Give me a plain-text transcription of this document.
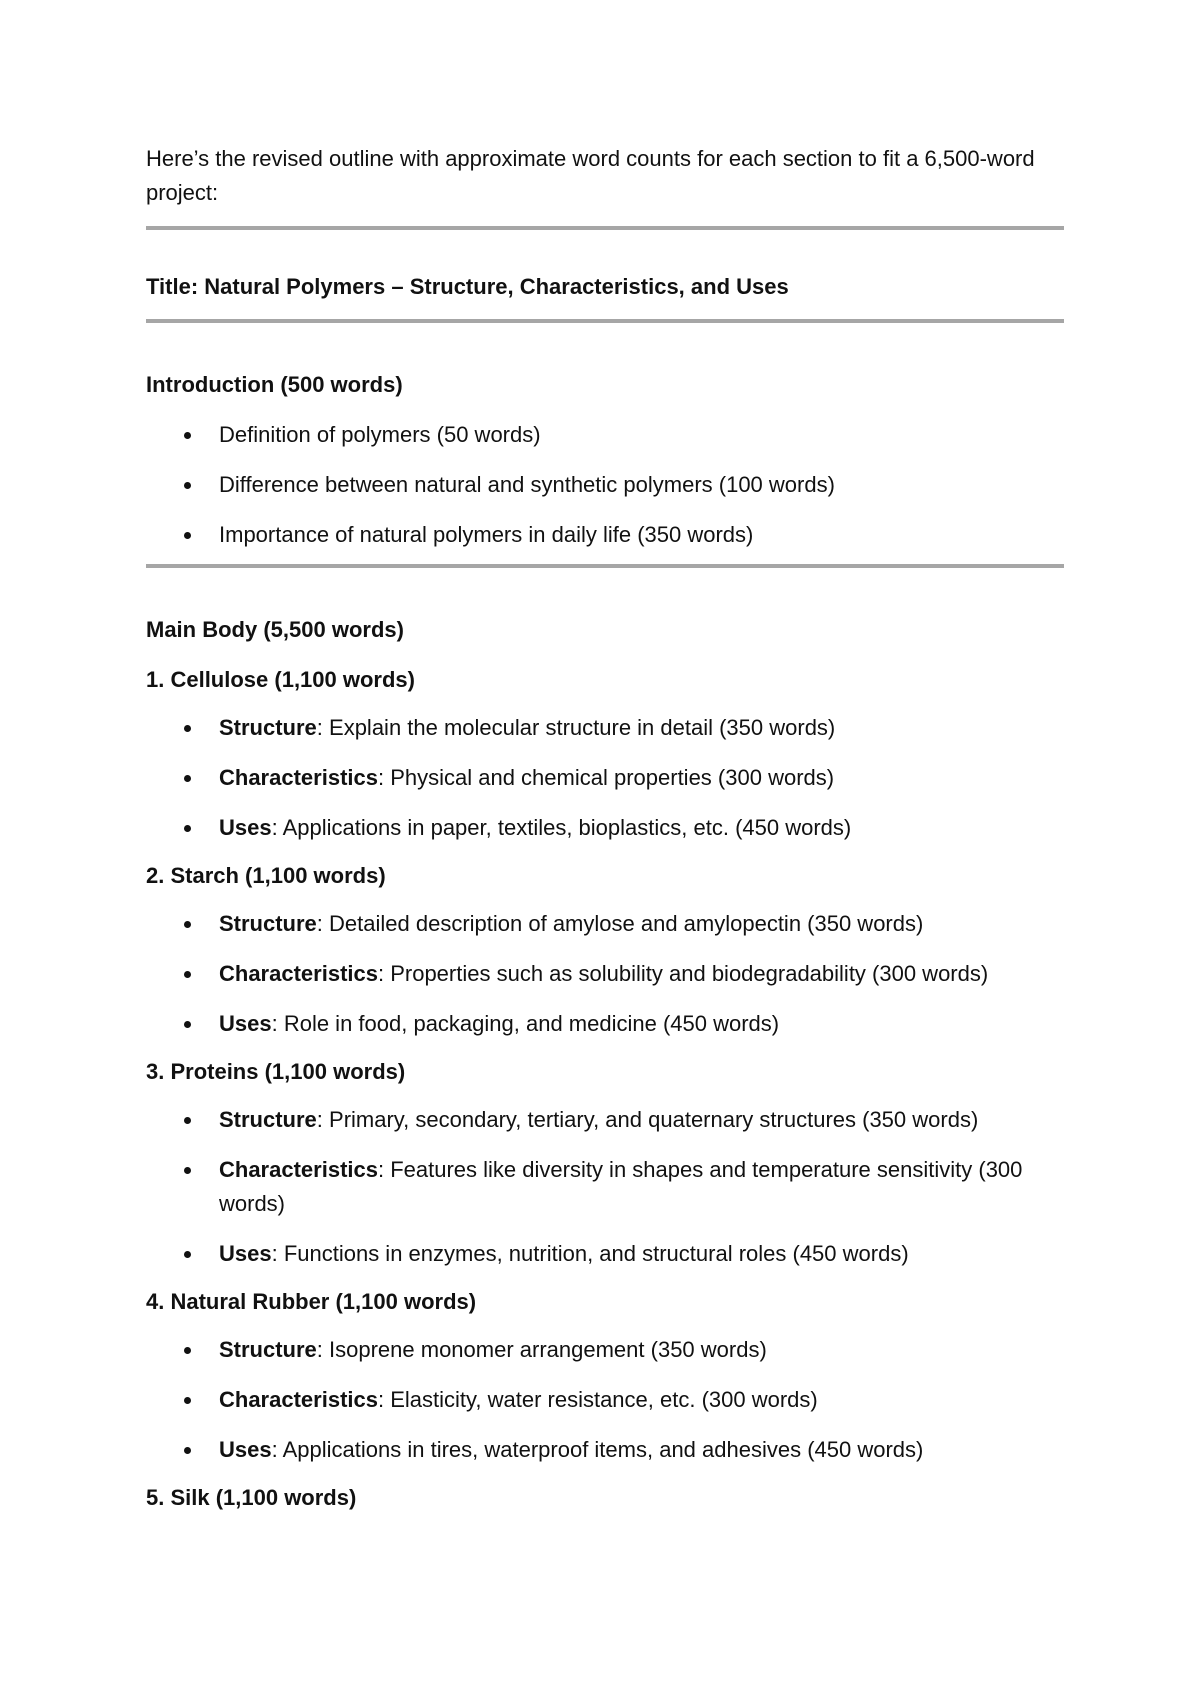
Here’s the revised outline with approximate word counts for each section to fit a 6,500-word project:

Title: Natural Polymers – Structure, Characteristics, and Uses

Introduction (500 words)

Definition of polymers (50 words)
Difference between natural and synthetic polymers (100 words)
Importance of natural polymers in daily life (350 words)

Main Body (5,500 words)

1. Cellulose (1,100 words)

Structure: Explain the molecular structure in detail (350 words)
Characteristics: Physical and chemical properties (300 words)
Uses: Applications in paper, textiles, bioplastics, etc. (450 words)

2. Starch (1,100 words)

Structure: Detailed description of amylose and amylopectin (350 words)
Characteristics: Properties such as solubility and biodegradability (300 words)
Uses: Role in food, packaging, and medicine (450 words)

3. Proteins (1,100 words)

Structure: Primary, secondary, tertiary, and quaternary structures (350 words)
Characteristics: Features like diversity in shapes and temperature sensitivity (300 words)
Uses: Functions in enzymes, nutrition, and structural roles (450 words)

4. Natural Rubber (1,100 words)

Structure: Isoprene monomer arrangement (350 words)
Characteristics: Elasticity, water resistance, etc. (300 words)
Uses: Applications in tires, waterproof items, and adhesives (450 words)

5. Silk (1,100 words)
